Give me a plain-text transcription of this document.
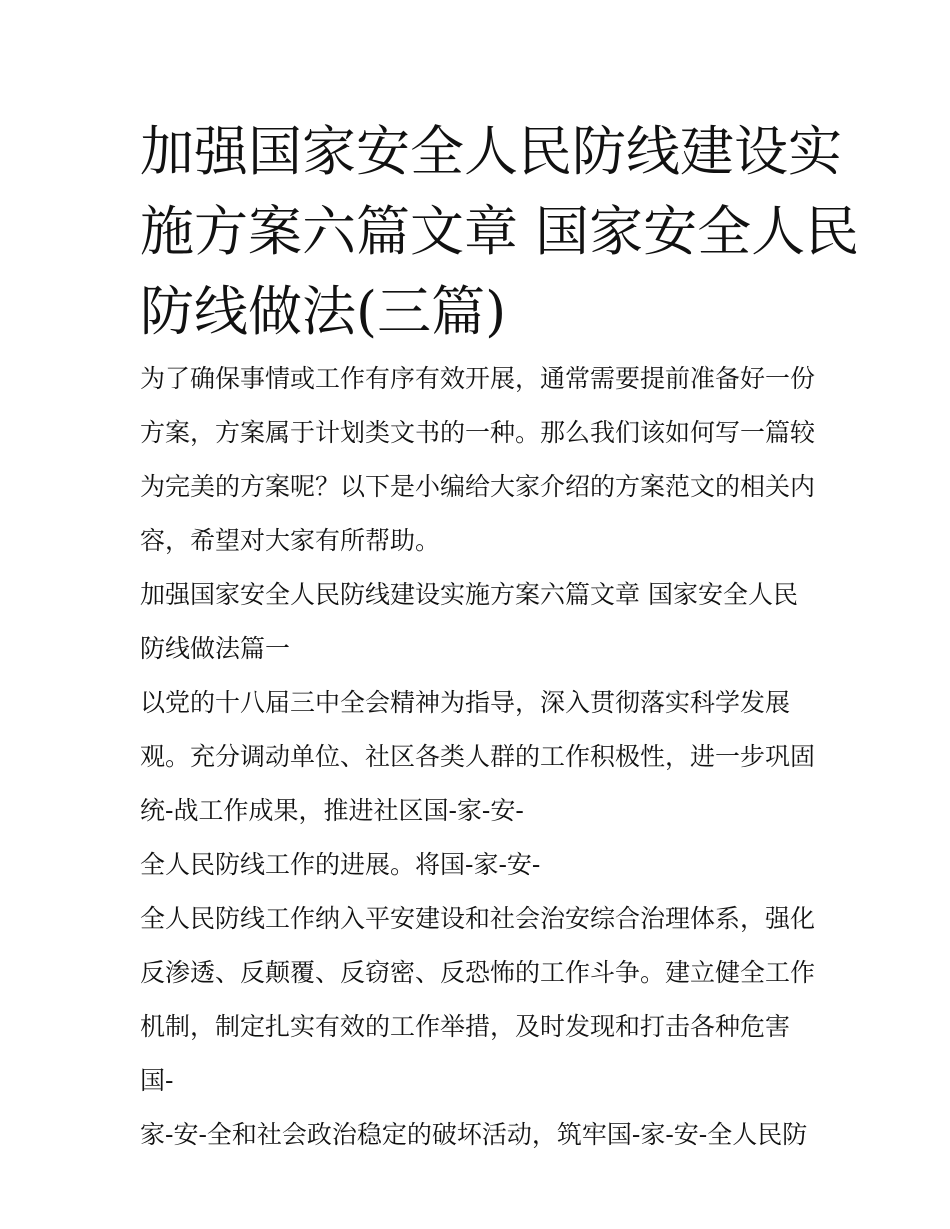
加强国家安全人民防线建设实
施方案六篇文章 国家安全人民
防线做法(三篇)
为了确保事情或工作有序有效开展，通常需要提前准备好一份
方案，方案属于计划类文书的一种。那么我们该如何写一篇较
为完美的方案呢？以下是小编给大家介绍的方案范文的相关内
容，希望对大家有所帮助。
加强国家安全人民防线建设实施方案六篇文章 国家安全人民
防线做法篇一
以党的十八届三中全会精神为指导，深入贯彻落实科学发展
观。充分调动单位、社区各类人群的工作积极性，进一步巩固
统-战工作成果，推进社区国-家-安-
全人民防线工作的进展。将国-家-安-
全人民防线工作纳入平安建设和社会治安综合治理体系，强化
反渗透、反颠覆、反窃密、反恐怖的工作斗争。建立健全工作
机制，制定扎实有效的工作举措，及时发现和打击各种危害
国-
家-安-全和社会政治稳定的破坏活动，筑牢国-家-安-全人民防
